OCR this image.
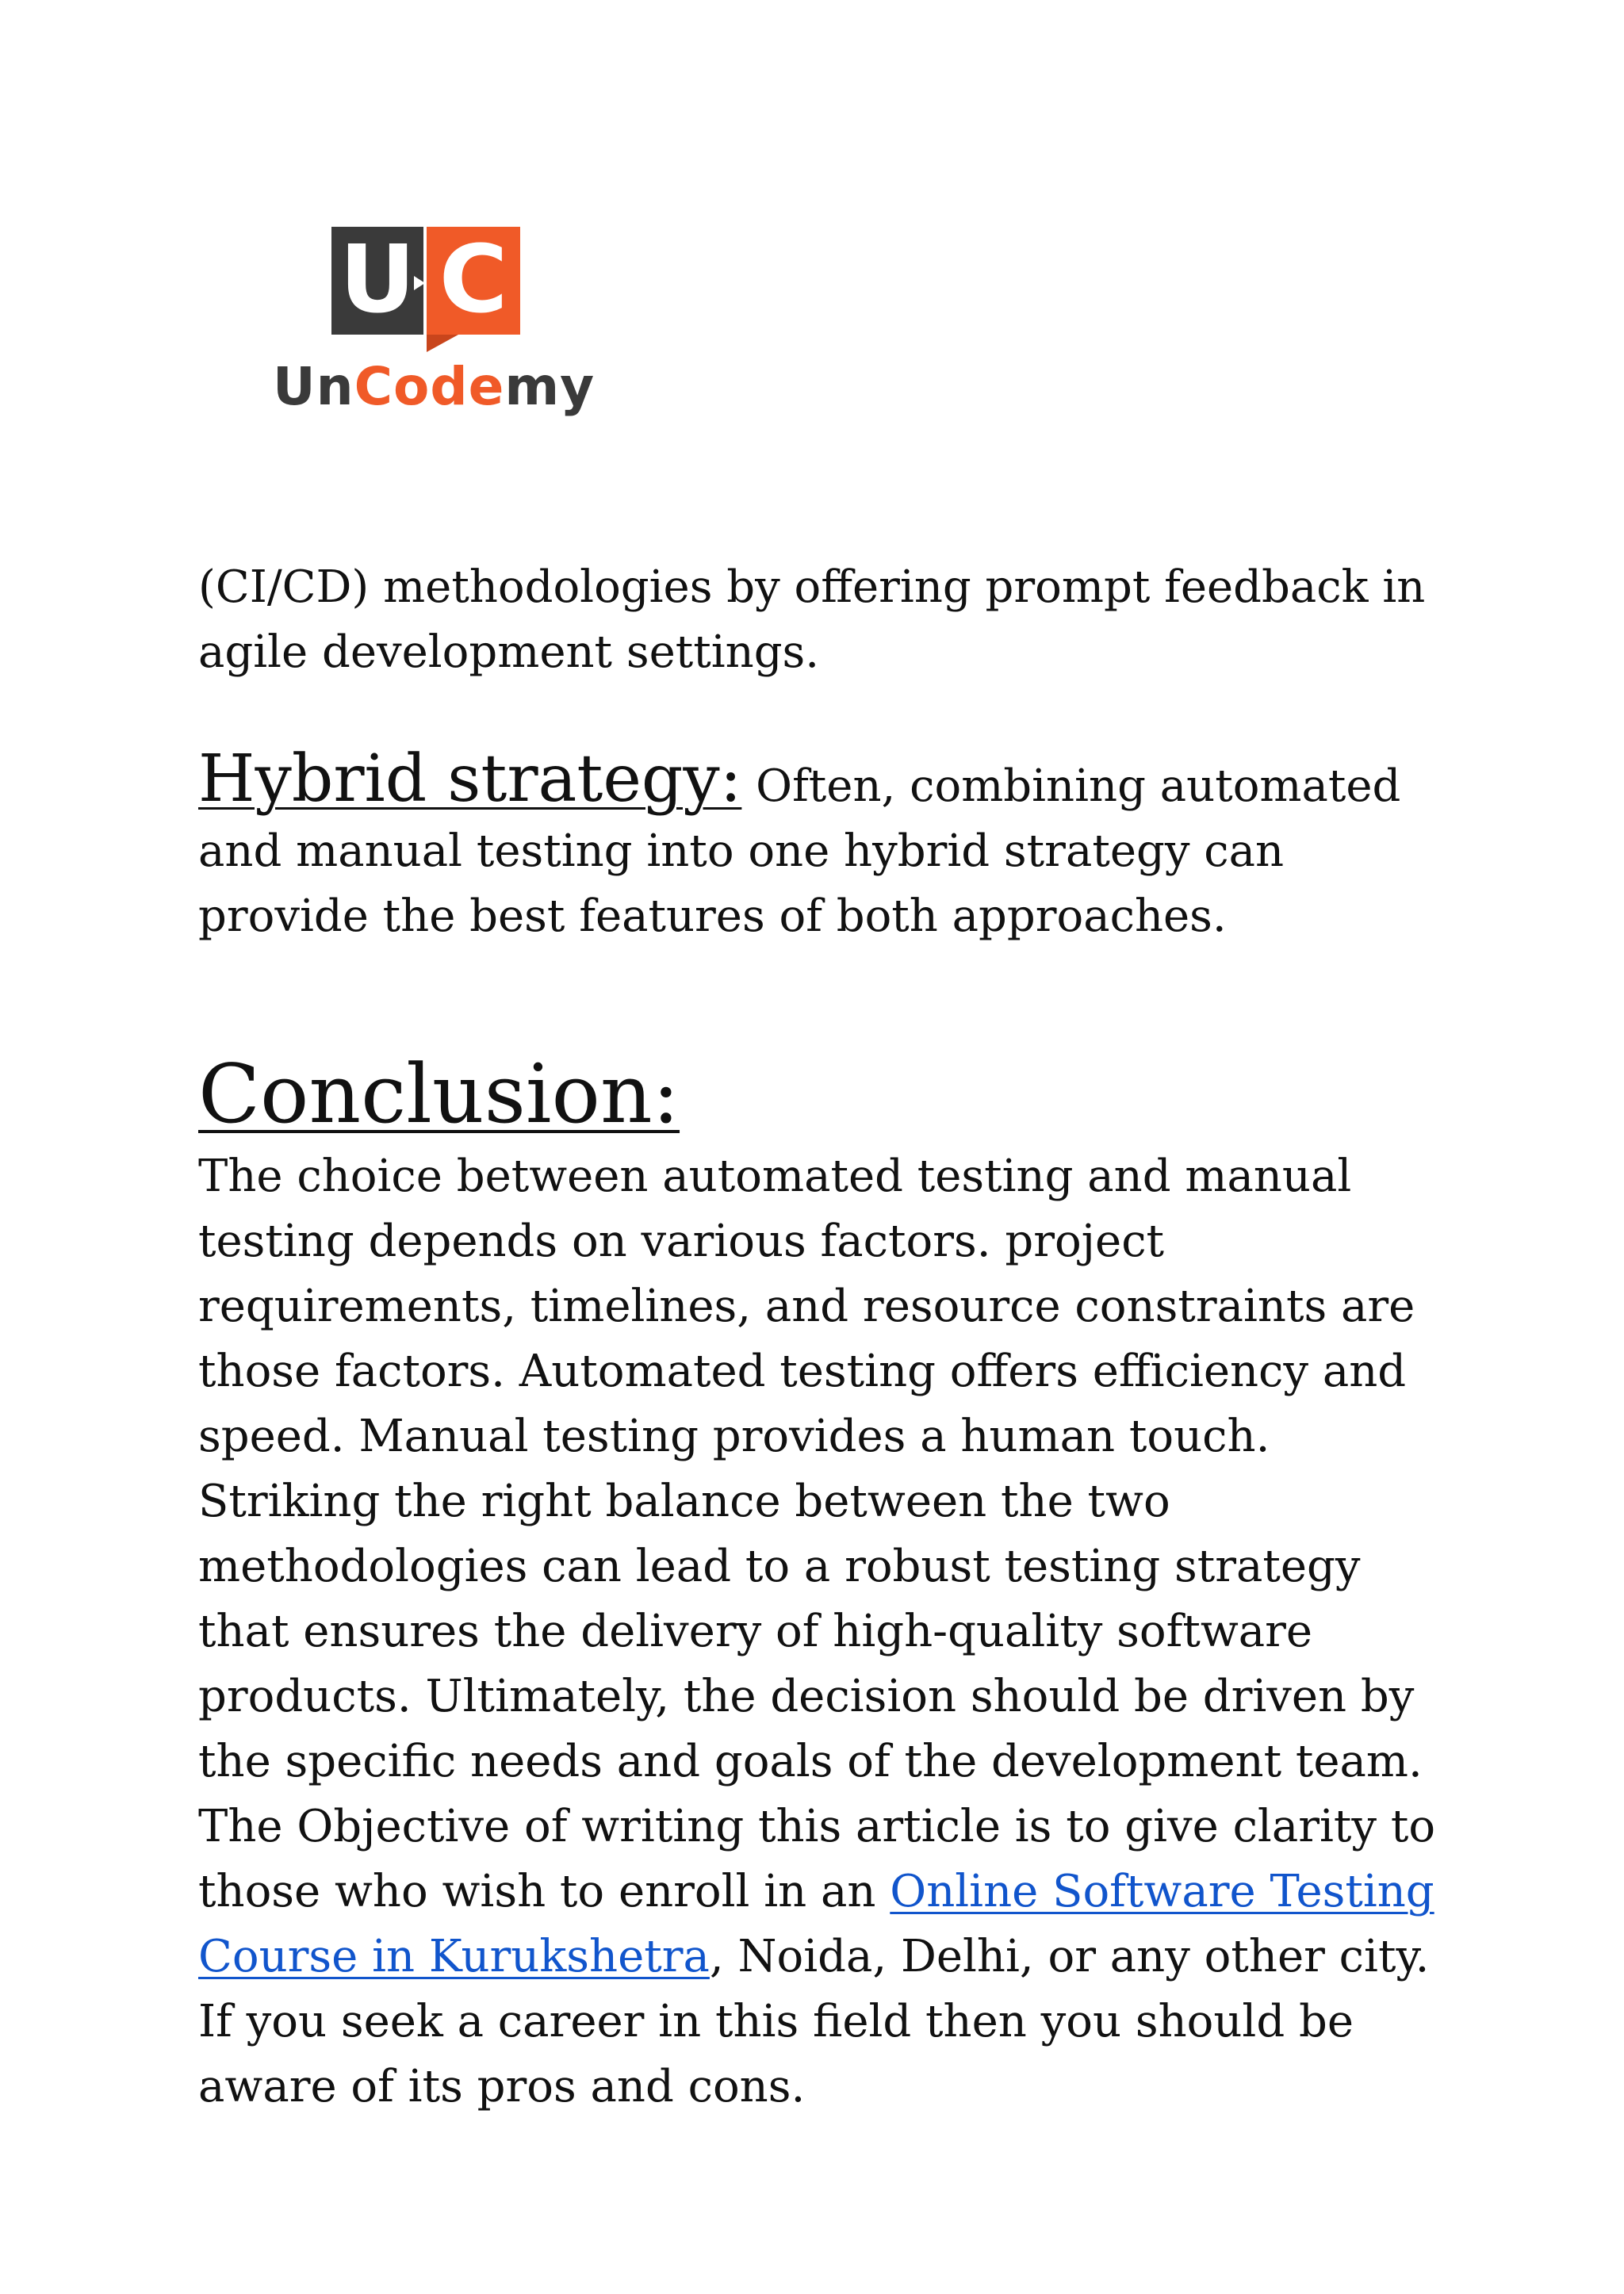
U C
UnCodemy

(CI/CD) methodologies by offering prompt feedback in agile development settings.

Hybrid strategy: Often, combining automated and manual testing into one hybrid strategy can provide the best features of both approaches.

Conclusion:

The choice between automated testing and manual testing depends on various factors. project requirements, timelines, and resource constraints are those factors. Automated testing offers efficiency and speed. Manual testing provides a human touch. Striking the right balance between the two methodologies can lead to a robust testing strategy that ensures the delivery of high-quality software products. Ultimately, the decision should be driven by the specific needs and goals of the development team. The Objective of writing this article is to give clarity to those who wish to enroll in an Online Software Testing Course in Kurukshetra, Noida, Delhi, or any other city. If you seek a career in this field then you should be aware of its pros and cons.
